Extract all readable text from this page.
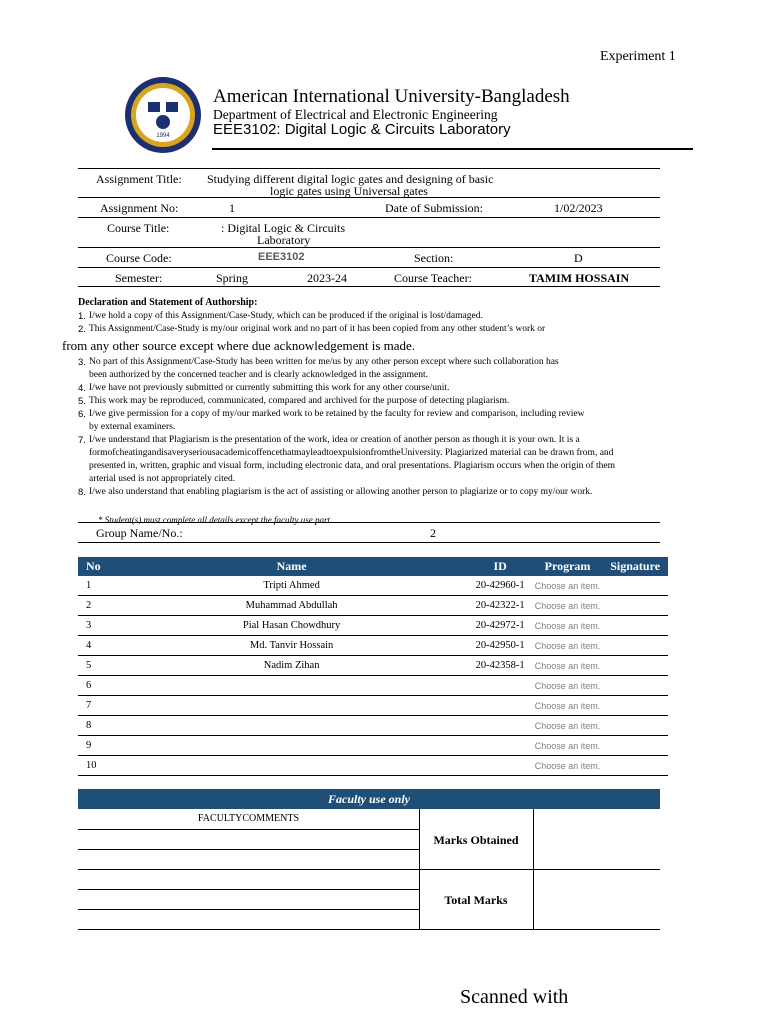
Experiment 1
1994
American International University-Bangladesh
Department of Electrical and Electronic Engineering
EEE3102: Digital Logic & Circuits Laboratory
Assignment Title: Studying different digital logic gates and designing of basic
logic gates using Universal gates
Assignment No:	1	Date of Submission:	1/02/2023
Course Title:	: Digital Logic & Circuits
Laboratory
Course Code:	EEE3102	Section:	D
Semester:	Spring	2023-24	Course Teacher:	TAMIM HOSSAIN
Declaration and Statement of Authorship:

1. I/we hold a copy of this Assignment/Case-Study, which can be produced if the original is lost/damaged.

2. This Assignment/Case-Study is my/our original work and no part of it has been copied from any other student’s work or

from any other source except where due acknowledgement is made.

3. No part of this Assignment/Case-Study has been written for me/us by any other person except where such collaboration has
been authorized by the concerned teacher and is clearly acknowledged in the assignment.

4. I/we have not previously submitted or currently submitting this work for any other course/unit.

5. This work may be reproduced, communicated, compared and archived for the purpose of detecting plagiarism.

6. I/we give permission for a copy of my/our marked work to be retained by the faculty for review and comparison, including review
by external examiners.

7. I/we understand that Plagiarism is the presentation of the work, idea or creation of another person as though it is your own. It is a
formofcheatingandisaveryseriousacademicoffencethatmayleadtoexpulsionfromtheUniversity. Plagiarized material can be drawn from, and
presented in, written, graphic and visual form, including electronic data, and oral presentations. Plagiarism occurs when the origin of them
arterial used is not appropriately cited.

8. I/we also understand that enabling plagiarism is the act of assisting or allowing another person to plagiarize or to copy my/our work.

* Student(s) must complete all details except the faculty use part.
Group Name/No.:	2
No	Name	ID	Program	Signature
1	Tripti Ahmed	20-42960-1	Choose an item.	
2	Muhammad Abdullah	20-42322-1	Choose an item.	
3	Pial Hasan Chowdhury	20-42972-1	Choose an item.	
4	Md. Tanvir Hossain	20-42950-1	Choose an item.	
5	Nadim Zihan	20-42358-1	Choose an item.	
6			Choose an item.	
7			Choose an item.	
8			Choose an item.	
9			Choose an item.	
10			Choose an item.	
Faculty use only
FACULTYCOMMENTS
Marks Obtained
Total Marks
Scanned with
